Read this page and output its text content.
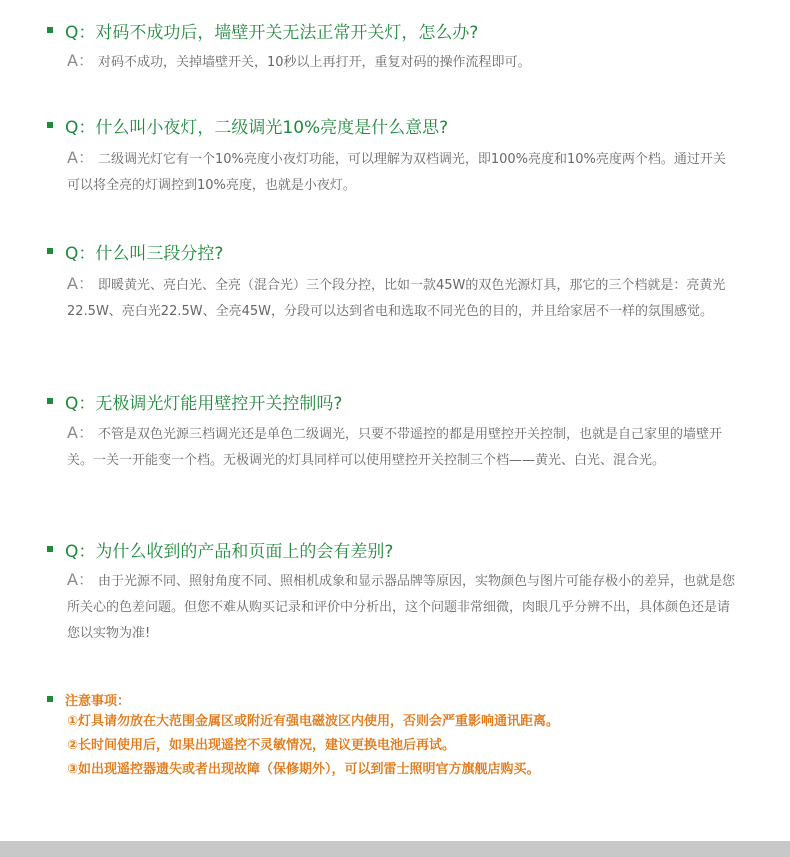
Q：对码不成功后，墙壁开关无法正常开关灯，怎么办?
A： 对码不成功，关掉墙壁开关，10秒以上再打开，重复对码的操作流程即可。
Q：什么叫小夜灯，二级调光10%亮度是什么意思?
A： 二级调光灯它有一个10%亮度小夜灯功能，可以理解为双档调光，即100%亮度和10%亮度两个档。通过开关可以将全亮的灯调控到10%亮度，也就是小夜灯。
Q：什么叫三段分控?
A： 即暖黄光、亮白光、全亮（混合光）三个段分控，比如一款45W的双色光源灯具，那它的三个档就是：亮黄光22.5W、亮白光22.5W、全亮45W，分段可以达到省电和选取不同光色的目的，并且给家居不一样的氛围感觉。
Q：无极调光灯能用壁控开关控制吗?
A： 不管是双色光源三档调光还是单色二级调光，只要不带遥控的都是用壁控开关控制，也就是自己家里的墙壁开关。一关一开能变一个档。无极调光的灯具同样可以使用壁控开关控制三个档——黄光、白光、混合光。
Q：为什么收到的产品和页面上的会有差别?
A： 由于光源不同、照射角度不同、照相机成象和显示器品牌等原因，实物颜色与图片可能存极小的差异，也就是您所关心的色差问题。但您不难从购买记录和评价中分析出，这个问题非常细微，肉眼几乎分辨不出，具体颜色还是请您以实物为准!
注意事项：
①灯具请勿放在大范围金属区或附近有强电磁波区内使用，否则会严重影响通讯距离。
②长时间使用后，如果出现遥控不灵敏情况，建议更换电池后再试。
③如出现遥控器遗失或者出现故障（保修期外），可以到雷士照明官方旗舰店购买。
